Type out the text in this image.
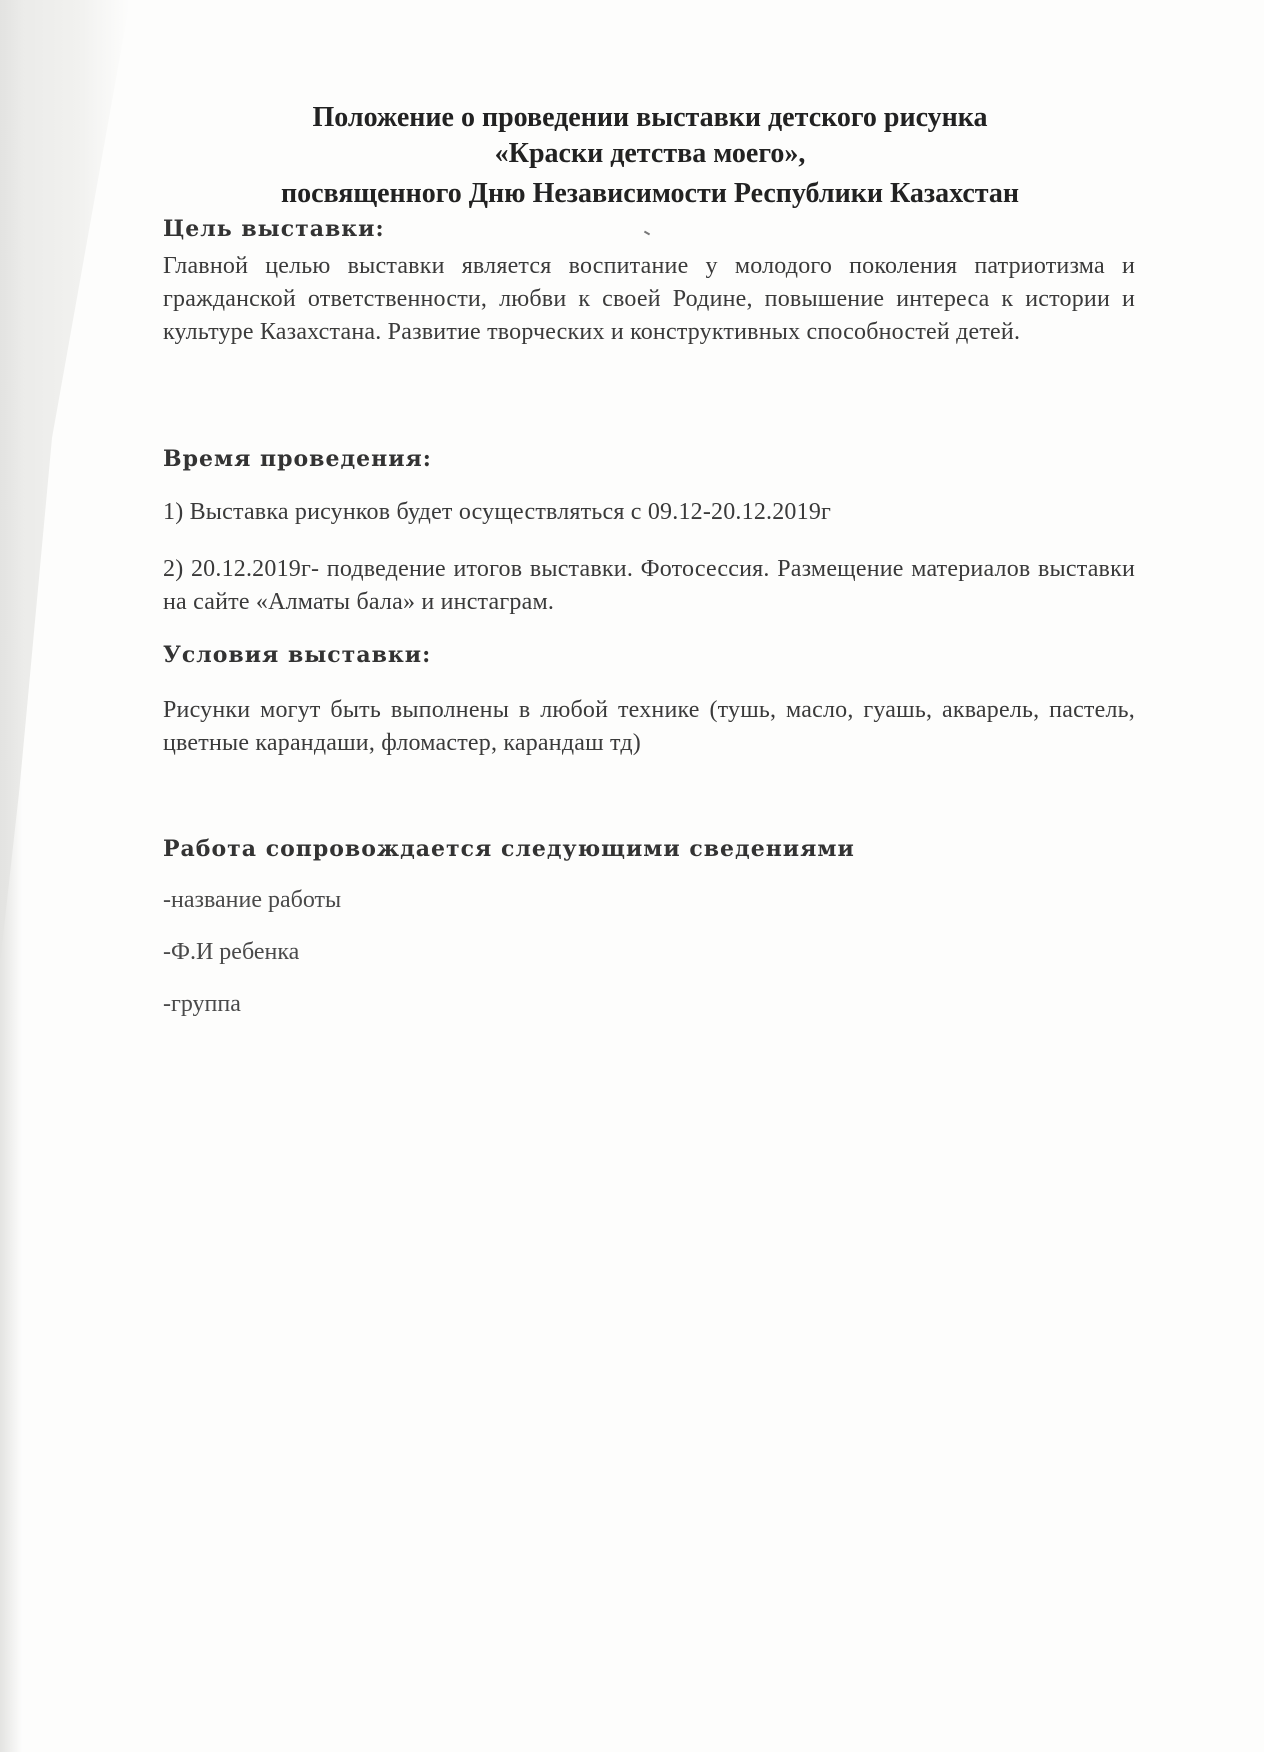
Положение о проведении выставки детского рисунка
«Краски детства моего»,
посвященного Дню Независимости Республики Казахстан
Цель выставки:

Главной целью выставки является воспитание у молодого поколения патриотизма и гражданской ответственности, любви к своей Родине, повышение интереса к истории и культуре Казахстана. Развитие творческих и конструктивных способностей детей.

Время проведения:

1) Выставка рисунков будет осуществляться с 09.12-20.12.2019г

2) 20.12.2019г- подведение итогов выставки. Фотосессия. Размещение материалов выставки на сайте «Алматы бала» и инстаграм.

Условия выставки:

Рисунки могут быть выполнены в любой технике (тушь, масло, гуашь, акварель, пастель, цветные карандаши, фломастер, карандаш тд)

Работа сопровождается следующими сведениями

-название работы

-Ф.И ребенка

-группа
